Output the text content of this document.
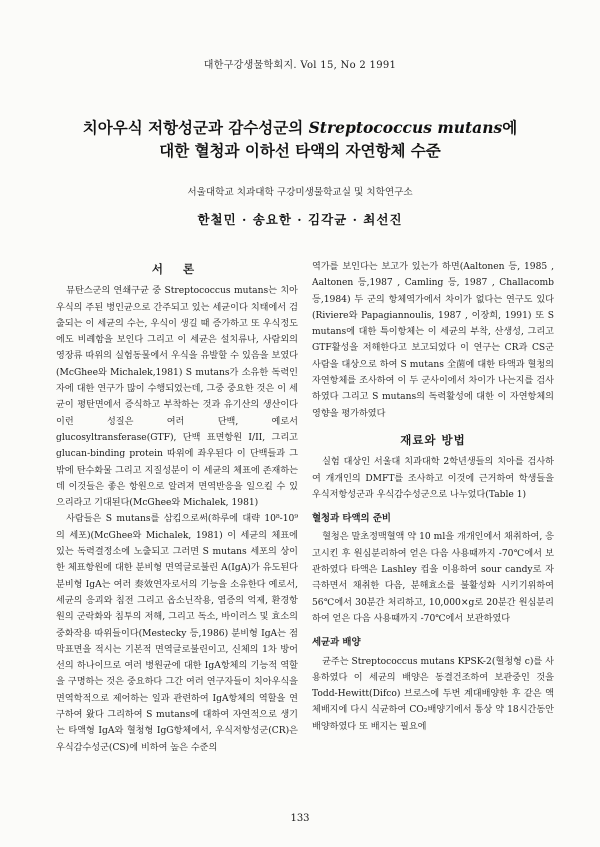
대한구강생물학회지. Vol 15, No 2 1991
치아우식 저항성군과 감수성군의 Streptococcus mutans에
대한 혈청과 이하선 타액의 자연항체 수준
서울대학교 치과대학 구강미생물학교실 및 치학연구소
한철민 · 송요한 · 김각균 · 최선진
서 론

뮤탄스군의 연쇄구균 중 Streptococcus mutans는 치아우식의 주된 병인균으로 간주되고 있는 세균이다 치태에서 검출되는 이 세균의 수는, 우식이 생길 때 증가하고 또 우식정도에도 비례함을 보인다 그리고 이 세균은 설치류나, 사람외의 영장류 따위의 실험동물에서 우식을 유발할 수 있음을 보였다(McGhee와 Michalek,1981) S mutans가 소유한 독력인자에 대한 연구가 많이 수행되었는데, 그중 중요한 것은 이 세균이 평탄면에서 증식하고 부착하는 것과 유기산의 생산이다 이런 성질은 여러 단백, 예로서 glucosyltransferase(GTF), 단백 표면항원 I/II, 그리고 glucan-binding protein 따위에 좌우된다 이 단백들과 그 밖에 탄수화물 그리고 지질성분이 이 세균의 체표에 존재하는데 이것들은 좋은 항원으로 알려져 면역반응을 일으킬 수 있으리라고 기대된다(McGhee와 Michalek, 1981)

사람들은 S mutans를 삼킴으로써(하루에 대략 10⁸-10⁹의 세포)(McGhee와 Michalek, 1981) 이 세균의 체표에 있는 독력결정소에 노출되고 그러면 S mutans 세포의 상이한 체표항원에 대한 분비형 면역글로불린 A(IgA)가 유도된다 분비형 IgA는 여러 奏效연자로서의 기능을 소유한다 예로서, 세균의 응괴와 침전 그리고 옵소닌작용, 염증의 억제, 환경항원의 군락화와 침투의 저해, 그리고 독소, 바이러스 및 효소의 중화작용 따위들이다(Mestecky 등,1986) 분비형 IgA는 점막표면을 적시는 기본적 면역글로불린이고, 신체의 1차 방어선의 하나이므로 여러 병원균에 대한 IgA항체의 기능적 역할을 구명하는 것은 중요하다 그간 여러 연구자들이 치아우식을 면역학적으로 제어하는 일과 관련하여 IgA항체의 역할을 연구하여 왔다 그리하여 S mutans에 대하여 자연적으로 생기는 타액형 IgA와 혈청형 IgG항체에서, 우식저항성군(CR)은 우식감수성군(CS)에 비하여 높은 수준의

역가를 보인다는 보고가 있는가 하면(Aaltonen 등, 1985 , Aaltonen 등,1987 , Camling 등, 1987 , Challacomb 등,1984) 두 군의 항체역가에서 차이가 없다는 연구도 있다(Riviere와 Papagiannoulis, 1987 , 이장희, 1991) 또 S mutans에 대한 특이항체는 이 세균의 부착, 산생성, 그리고 GTF활성을 저해한다고 보고되었다 이 연구는 CR과 CS군 사람을 대상으로 하여 S mutans 全菌에 대한 타액과 혈청의 자연항체를 조사하여 이 두 군사이에서 차이가 나는지를 검사하였다 그리고 S mutans의 독력활성에 대한 이 자연항체의 영향을 평가하였다

재료와 방법

실험 대상인 서울대 치과대학 2학년생들의 치아를 검사하여 개개인의 DMFT를 조사하고 이것에 근거하여 학생들을 우식저항성군과 우식감수성군으로 나누었다(Table 1)

혈청과 타액의 준비

혈청은 말초정맥혈액 약 10 ml을 개개인에서 채취하여, 응고시킨 후 원심분리하여 얻은 다음 사용때까지 -70℃에서 보관하였다 타액은 Lashley 컵을 이용하여 sour candy로 자극하면서 채취한 다음, 분해효소를 불활성화 시키기위하여 56℃에서 30분간 처리하고, 10,000×g로 20분간 원심분리하여 얻은 다음 사용때까지 -70℃에서 보관하였다

세균과 배양

균주는 Streptococcus mutans KPSK-2(혈청형 c)를 사용하였다 이 세균의 배양은 동결건조하여 보관중인 것을 Todd-Hewitt(Difco) 브로스에 두번 계대배양한 후 같은 액체배지에 다시 식균하여 CO₂배양기에서 통상 약 18시간동안 배양하였다 또 배지는 필요에

133
